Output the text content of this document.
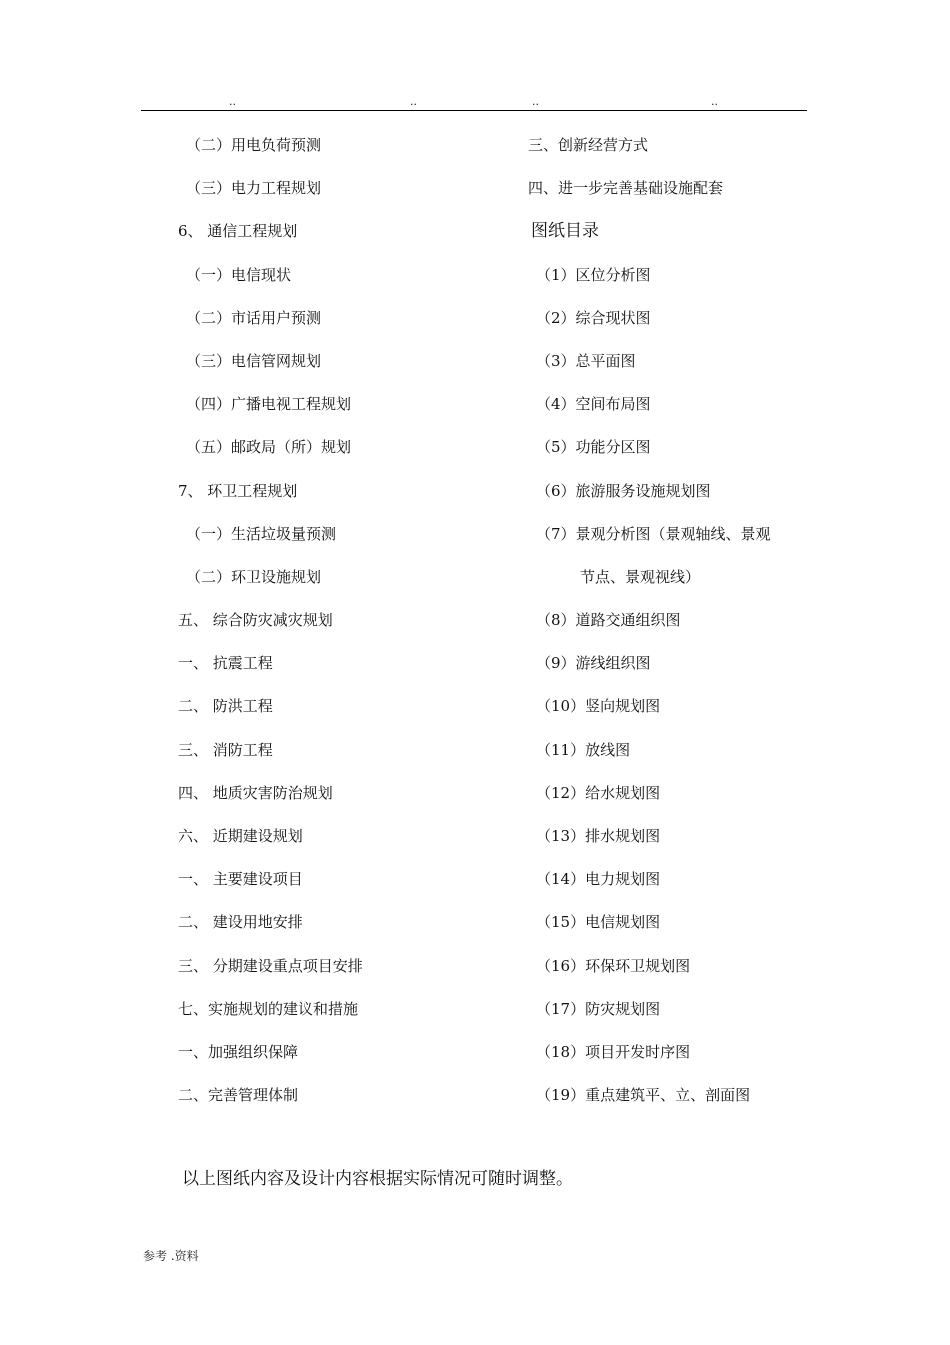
..	..	..	..
（二）用电负荷预测
（三）电力工程规划
6、 通信工程规划
（一）电信现状
（二）市话用户预测
（三）电信管网规划
（四）广播电视工程规划
（五）邮政局（所）规划
7、 环卫工程规划
（一）生活垃圾量预测
（二）环卫设施规划
五、 综合防灾减灾规划
一、 抗震工程
二、 防洪工程
三、 消防工程
四、 地质灾害防治规划
六、 近期建设规划
一、 主要建设项目
二、 建设用地安排
三、 分期建设重点项目安排
七、实施规划的建议和措施
一、加强组织保障
二、完善管理体制
三、创新经营方式
四、进一步完善基础设施配套
图纸目录
（1）区位分析图
（2）综合现状图
（3）总平面图
（4）空间布局图
（5）功能分区图
（6）旅游服务设施规划图
（7）景观分析图（景观轴线、景观
节点、景观视线）
（8）道路交通组织图
（9）游线组织图
（10）竖向规划图
（11）放线图
（12）给水规划图
（13）排水规划图
（14）电力规划图
（15）电信规划图
（16）环保环卫规划图
（17）防灾规划图
（18）项目开发时序图
（19）重点建筑平、立、剖面图
以上图纸内容及设计内容根据实际情况可随时调整。
参考 .资料
